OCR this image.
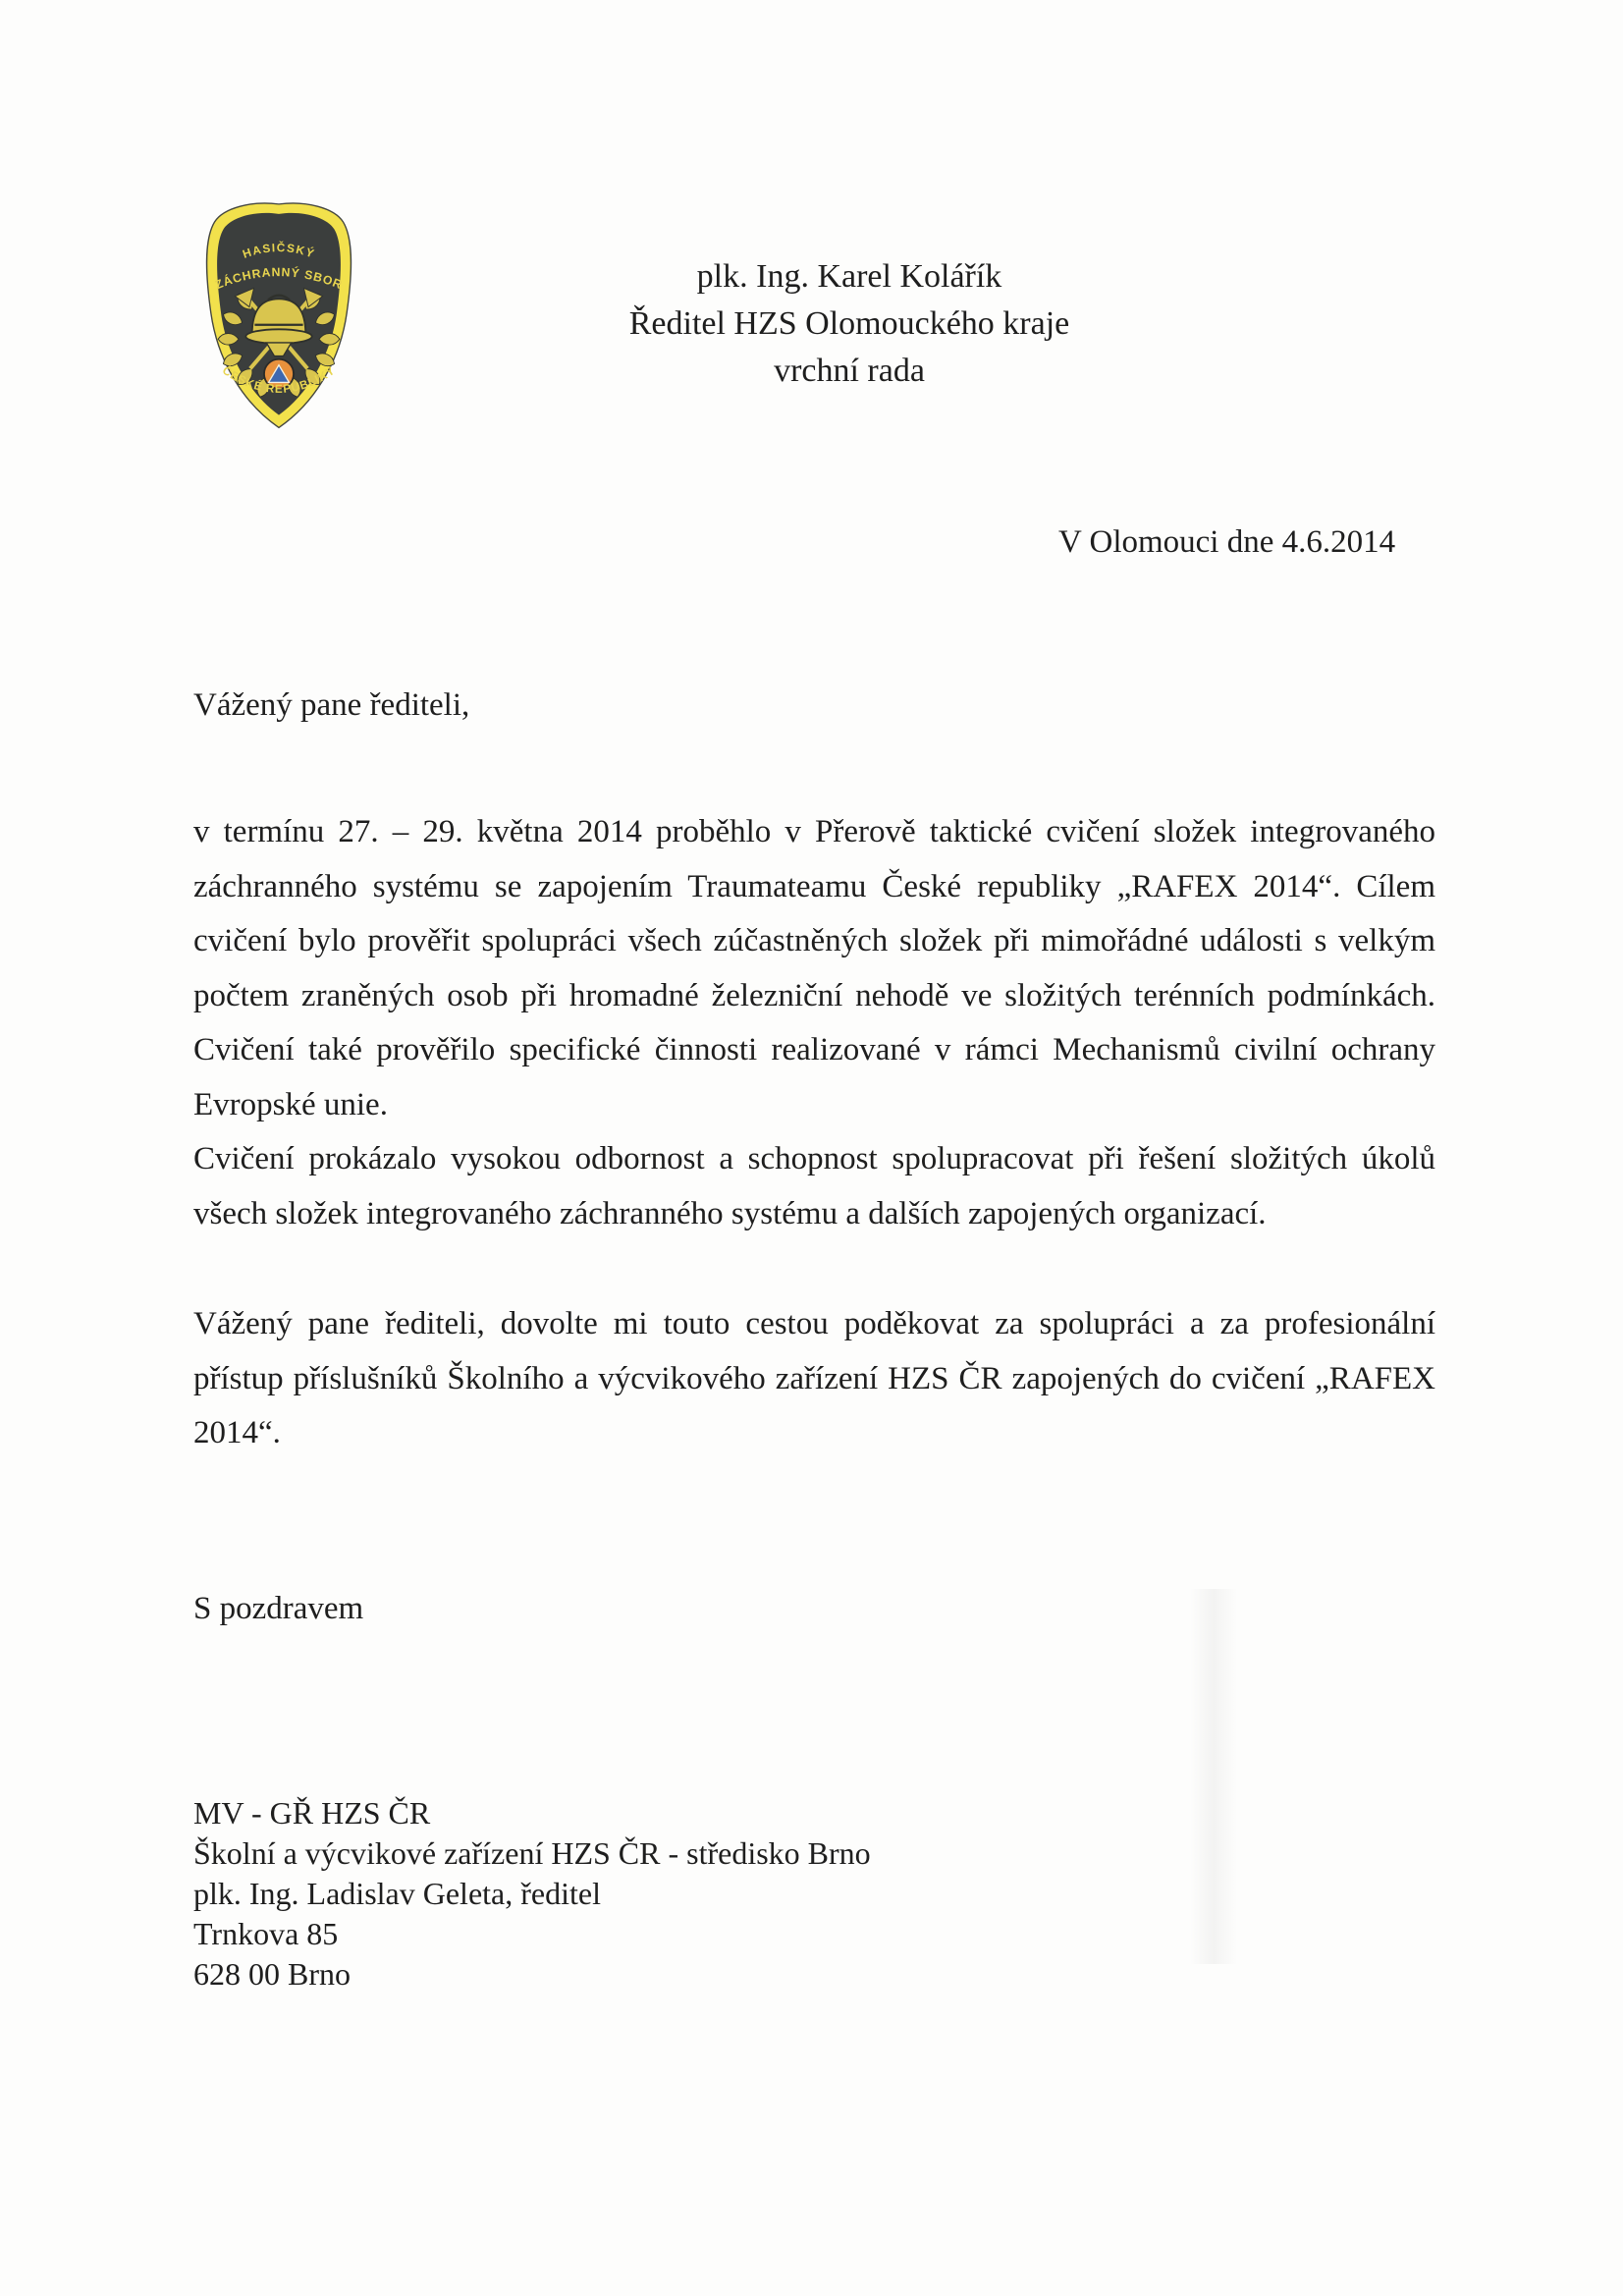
HASIČSKÝ
ZÁCHRANNÝ SBOR
ČESKÉ REPUBLIKY
plk. Ing. Karel Kolářík
Ředitel HZS Olomouckého kraje
vrchní rada
V Olomouci dne 4.6.2014
Vážený pane řediteli,

v termínu 27. – 29. května 2014 proběhlo v Přerově taktické cvičení složek integrovaného záchranného systému se zapojením Traumateamu České republiky „RAFEX 2014“. Cílem cvičení bylo prověřit spolupráci všech zúčastněných složek při mimořádné události s velkým počtem zraněných osob při hromadné železniční nehodě ve složitých terénních podmínkách. Cvičení také prověřilo specifické činnosti realizované v rámci Mechanismů civilní ochrany Evropské unie.

Cvičení prokázalo vysokou odbornost a schopnost spolupracovat při řešení složitých úkolů všech složek integrovaného záchranného systému a dalších zapojených organizací.

Vážený pane řediteli, dovolte mi touto cestou poděkovat za spolupráci a za profesionální přístup příslušníků Školního a výcvikového zařízení HZS ČR zapojených do cvičení „RAFEX 2014“.

S pozdravem
MV - GŘ HZS ČR
Školní a výcvikové zařízení HZS ČR - středisko Brno
plk. Ing. Ladislav Geleta, ředitel
Trnkova 85
628 00 Brno
